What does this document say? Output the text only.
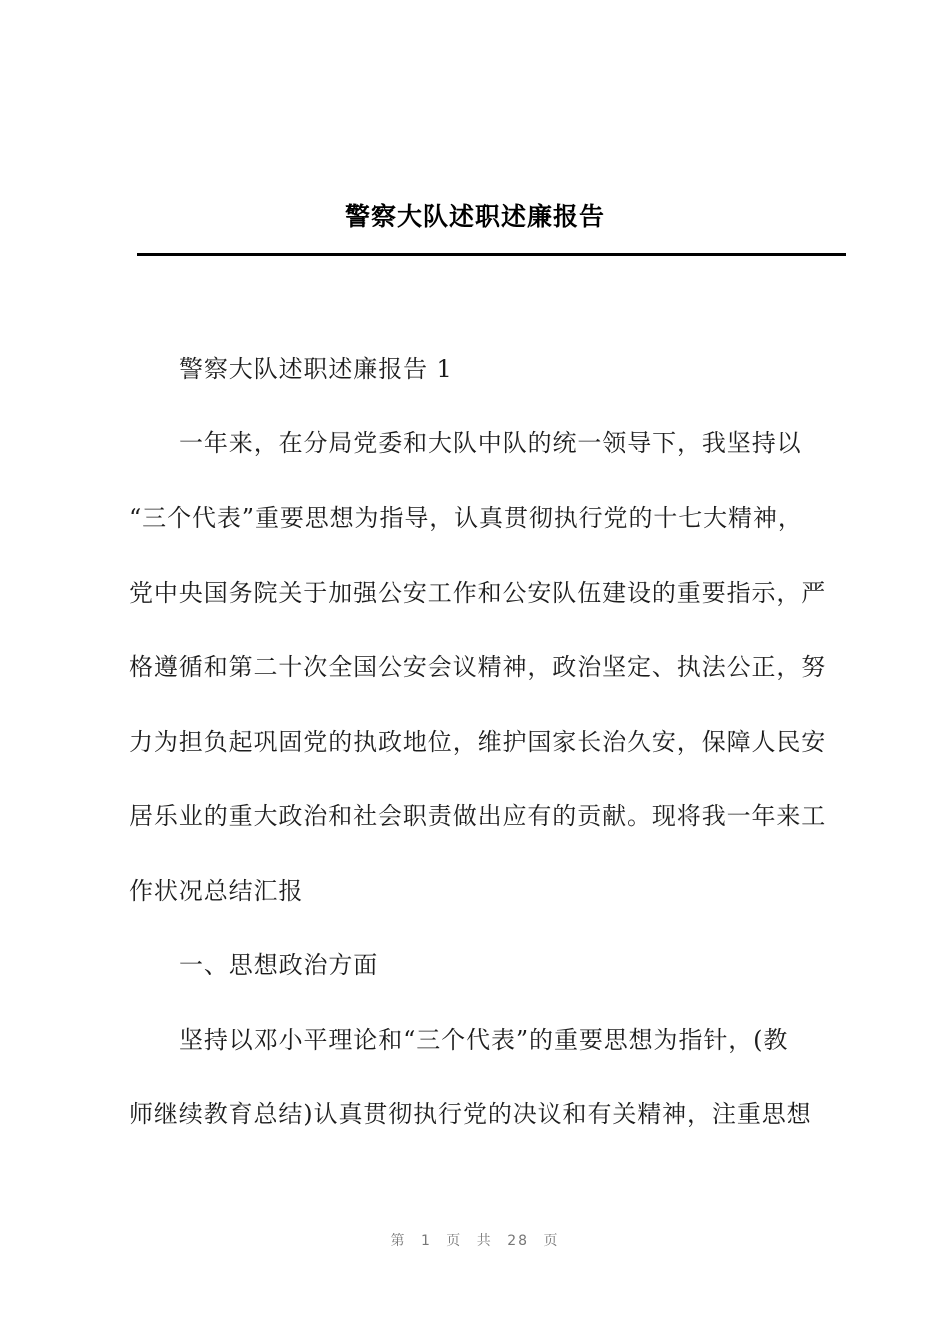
警察大队述职述廉报告
警察大队述职述廉报告 1
一年来，在分局党委和大队中队的统一领导下，我坚持以
“三个代表”重要思想为指导，认真贯彻执行党的十七大精神，
党中央国务院关于加强公安工作和公安队伍建设的重要指示，严
格遵循和第二十次全国公安会议精神，政治坚定、执法公正，努
力为担负起巩固党的执政地位，维护国家长治久安，保障人民安
居乐业的重大政治和社会职责做出应有的贡献。现将我一年来工
作状况总结汇报
一、思想政治方面
坚持以邓小平理论和“三个代表”的重要思想为指针，(教
师继续教育总结)认真贯彻执行党的决议和有关精神，注重思想
第 1 页 共 28 页
